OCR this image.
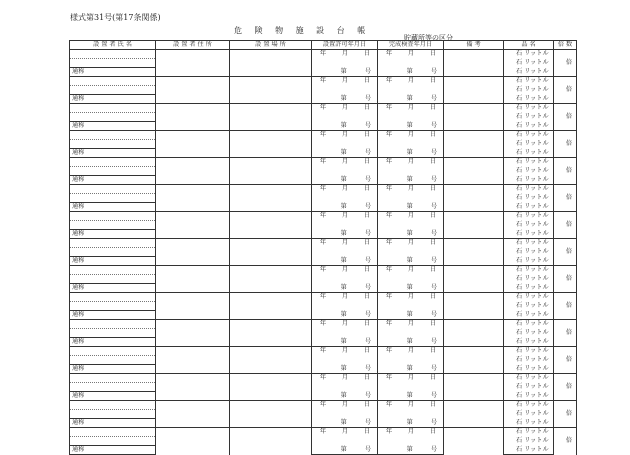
様式第31号(第17条関係)
危 険 物 施 設 台 帳
貯蔵所等の区分
設 置 者 氏 名	設 置 者 住 所	設 置 場 所	設置許可年月日	完成検査年月日	備 考	品 名	倍 数
			年 月 日	年 月 日		石 リットル	倍
						石 リットル	
通称			第 号	第 号		石 リットル	
			年 月 日	年 月 日		石 リットル	倍
						石 リットル	
通称			第 号	第 号		石 リットル	
			年 月 日	年 月 日		石 リットル	倍
						石 リットル	
通称			第 号	第 号		石 リットル	
			年 月 日	年 月 日		石 リットル	倍
						石 リットル	
通称			第 号	第 号		石 リットル	
			年 月 日	年 月 日		石 リットル	倍
						石 リットル	
通称			第 号	第 号		石 リットル	
			年 月 日	年 月 日		石 リットル	倍
						石 リットル	
通称			第 号	第 号		石 リットル	
			年 月 日	年 月 日		石 リットル	倍
						石 リットル	
通称			第 号	第 号		石 リットル	
			年 月 日	年 月 日		石 リットル	倍
						石 リットル	
通称			第 号	第 号		石 リットル	
			年 月 日	年 月 日		石 リットル	倍
						石 リットル	
通称			第 号	第 号		石 リットル	
			年 月 日	年 月 日		石 リットル	倍
						石 リットル	
通称			第 号	第 号		石 リットル	
			年 月 日	年 月 日		石 リットル	倍
						石 リットル	
通称			第 号	第 号		石 リットル	
			年 月 日	年 月 日		石 リットル	倍
						石 リットル	
通称			第 号	第 号		石 リットル	
			年 月 日	年 月 日		石 リットル	倍
						石 リットル	
通称			第 号	第 号		石 リットル	
			年 月 日	年 月 日		石 リットル	倍
						石 リットル	
通称			第 号	第 号		石 リットル	
			年 月 日	年 月 日		石 リットル	倍
						石 リットル	
通称			第 号	第 号		石 リットル	
